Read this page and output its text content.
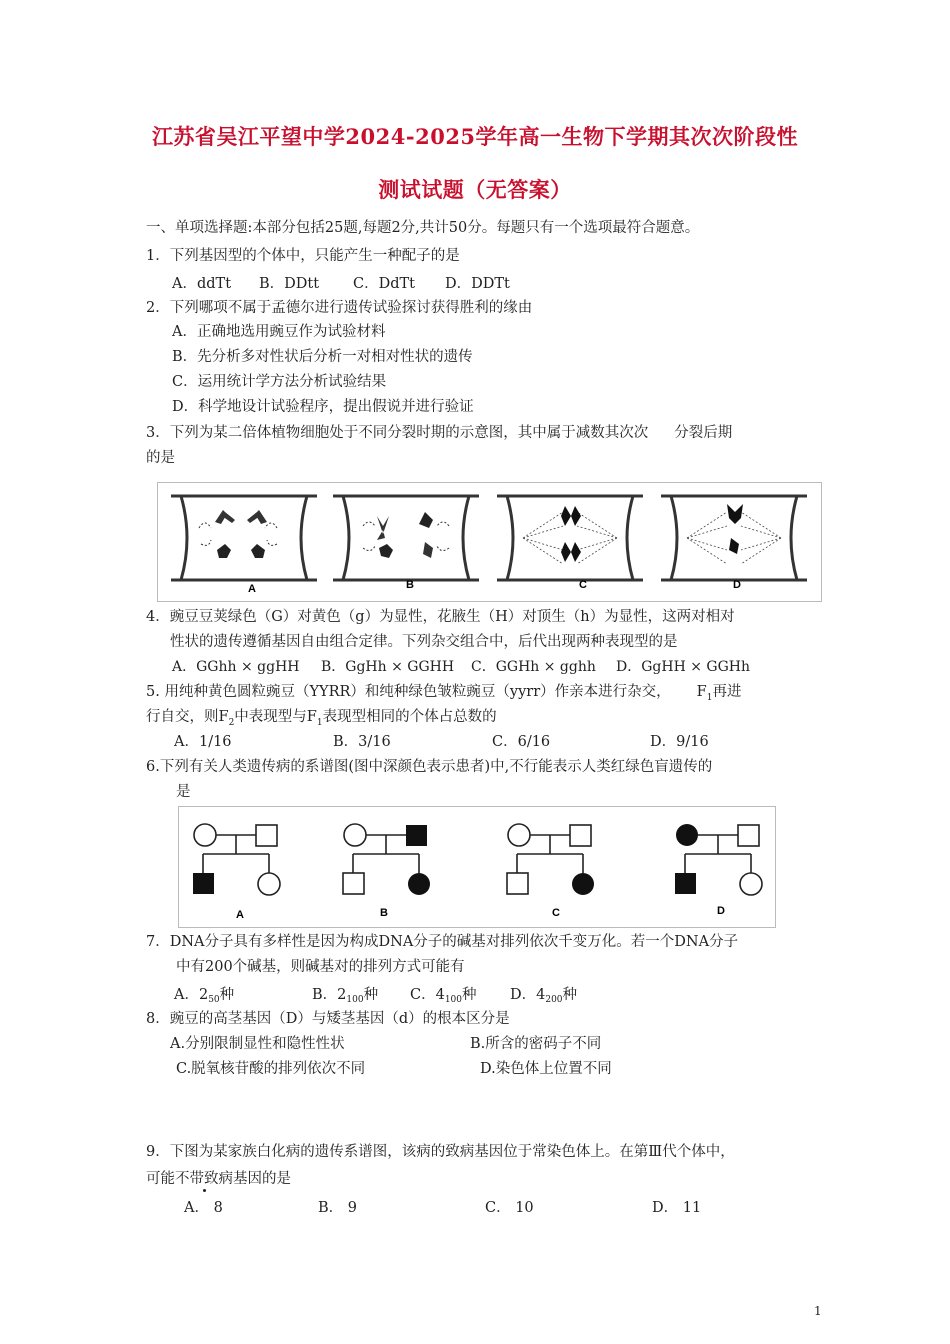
江苏省吴江平望中学2024-2025学年高一生物下学期其次次阶段性
测试试题（无答案）
一、单项选择题:本部分包括25题,每题2分,共计50分。每题只有一个选项最符合题意。
1．下列基因型的个体中，只能产生一种配子的是
A．ddTt B．DDtt C．DdTt D．DDTt
2．下列哪项不属于孟德尔进行遗传试验探讨获得胜利的缘由
A．正确地选用豌豆作为试验材料
B．先分析多对性状后分析一对相对性状的遗传
C．运用统计学方法分析试验结果
D．科学地设计试验程序，提出假说并进行验证
3．下列为某二倍体植物细胞处于不同分裂时期的示意图，其中属于减数其次次 分裂后期
的是
A	B	C	D
4．豌豆豆荚绿色（G）对黄色（g）为显性，花腋生（H）对顶生（h）为显性，这两对相对
性状的遗传遵循基因自由组合定律。下列杂交组合中，后代出现两种表现型的是
A．GGhh × ggHH B．GgHh × GGHH C．GGHh × gghh D．GgHH × GGHh
5. 用纯种黄色圆粒豌豆（YYRR）和纯种绿色皱粒豌豆（yyrr）作亲本进行杂交， $F_1$再进
行自交，则$F_2$中表现型与$F_1$表现型相同的个体占总数的
A．1/16	B．3/16	C．6/16	D．9/16
6.下列有关人类遗传病的系谱图(图中深颜色表示患者)中,不行能表示人类红绿色盲遗传的
是
A	B	C	D
7．DNA分子具有多样性是因为构成DNA分子的碱基对排列依次千变万化。若一个DNA分子
中有200个碱基，则碱基对的排列方式可能有
A．250种	B．2100种 C．4100种 D．4200种
8．豌豆的高茎基因（D）与矮茎基因（d）的根本区分是
A.分别限制显性和隐性性状	B.所含的密码子不同
C.脱氧核苷酸的排列依次不同	D.染色体上位置不同
9．下图为某家族白化病的遗传系谱图，该病的致病基因位于常染色体上。在第Ⅲ代个体中，
可能不带致病基因的是
A． 8	B． 9	C． 10	D． 11
1
